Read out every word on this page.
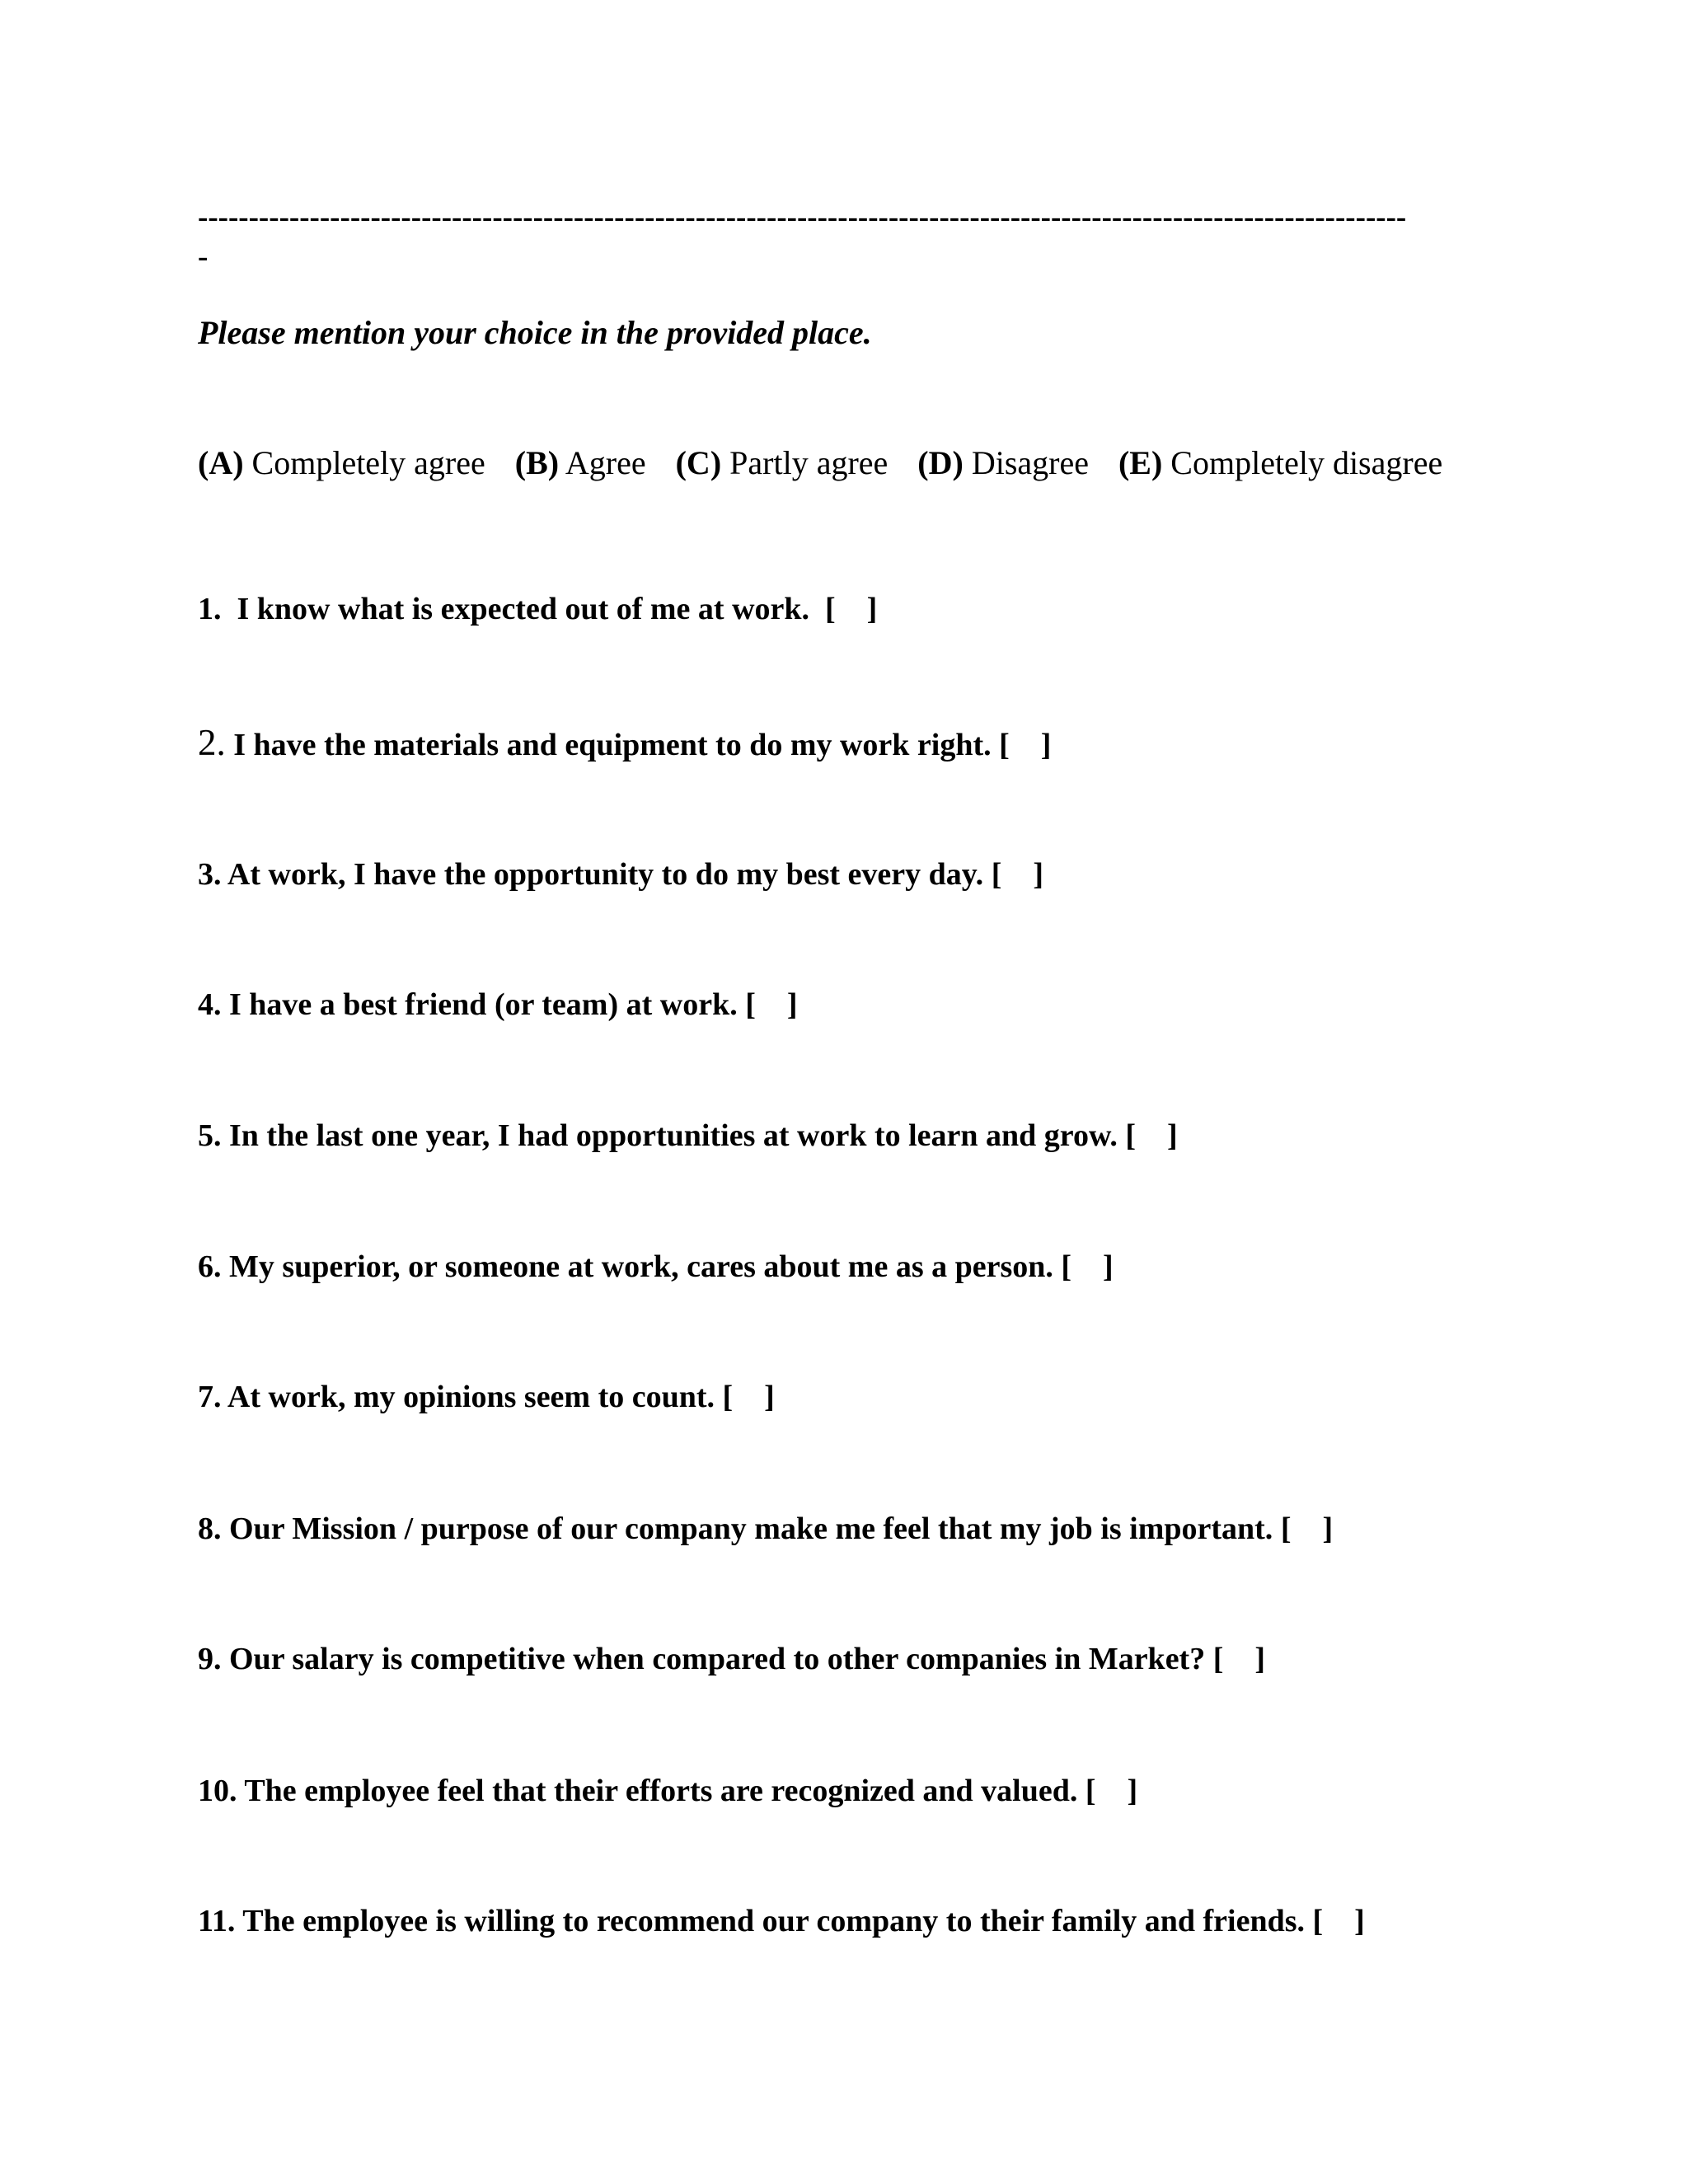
-----------------------------------------------------------------------------------------------------------------------
-
Please mention your choice in the provided place.
(A) Completely agree (B) Agree (C) Partly agree (D) Disagree (E) Completely disagree
1. I know what is expected out of me at work. [    ]
2. I have the materials and equipment to do my work right. [    ]
3. At work, I have the opportunity to do my best every day. [    ]
4. I have a best friend (or team) at work. [    ]
5. In the last one year, I had opportunities at work to learn and grow. [    ]
6. My superior, or someone at work, cares about me as a person. [    ]
7. At work, my opinions seem to count. [    ]
8. Our Mission / purpose of our company make me feel that my job is important. [    ]
9. Our salary is competitive when compared to other companies in Market? [    ]
10. The employee feel that their efforts are recognized and valued. [    ]
11. The employee is willing to recommend our company to their family and friends. [    ]
